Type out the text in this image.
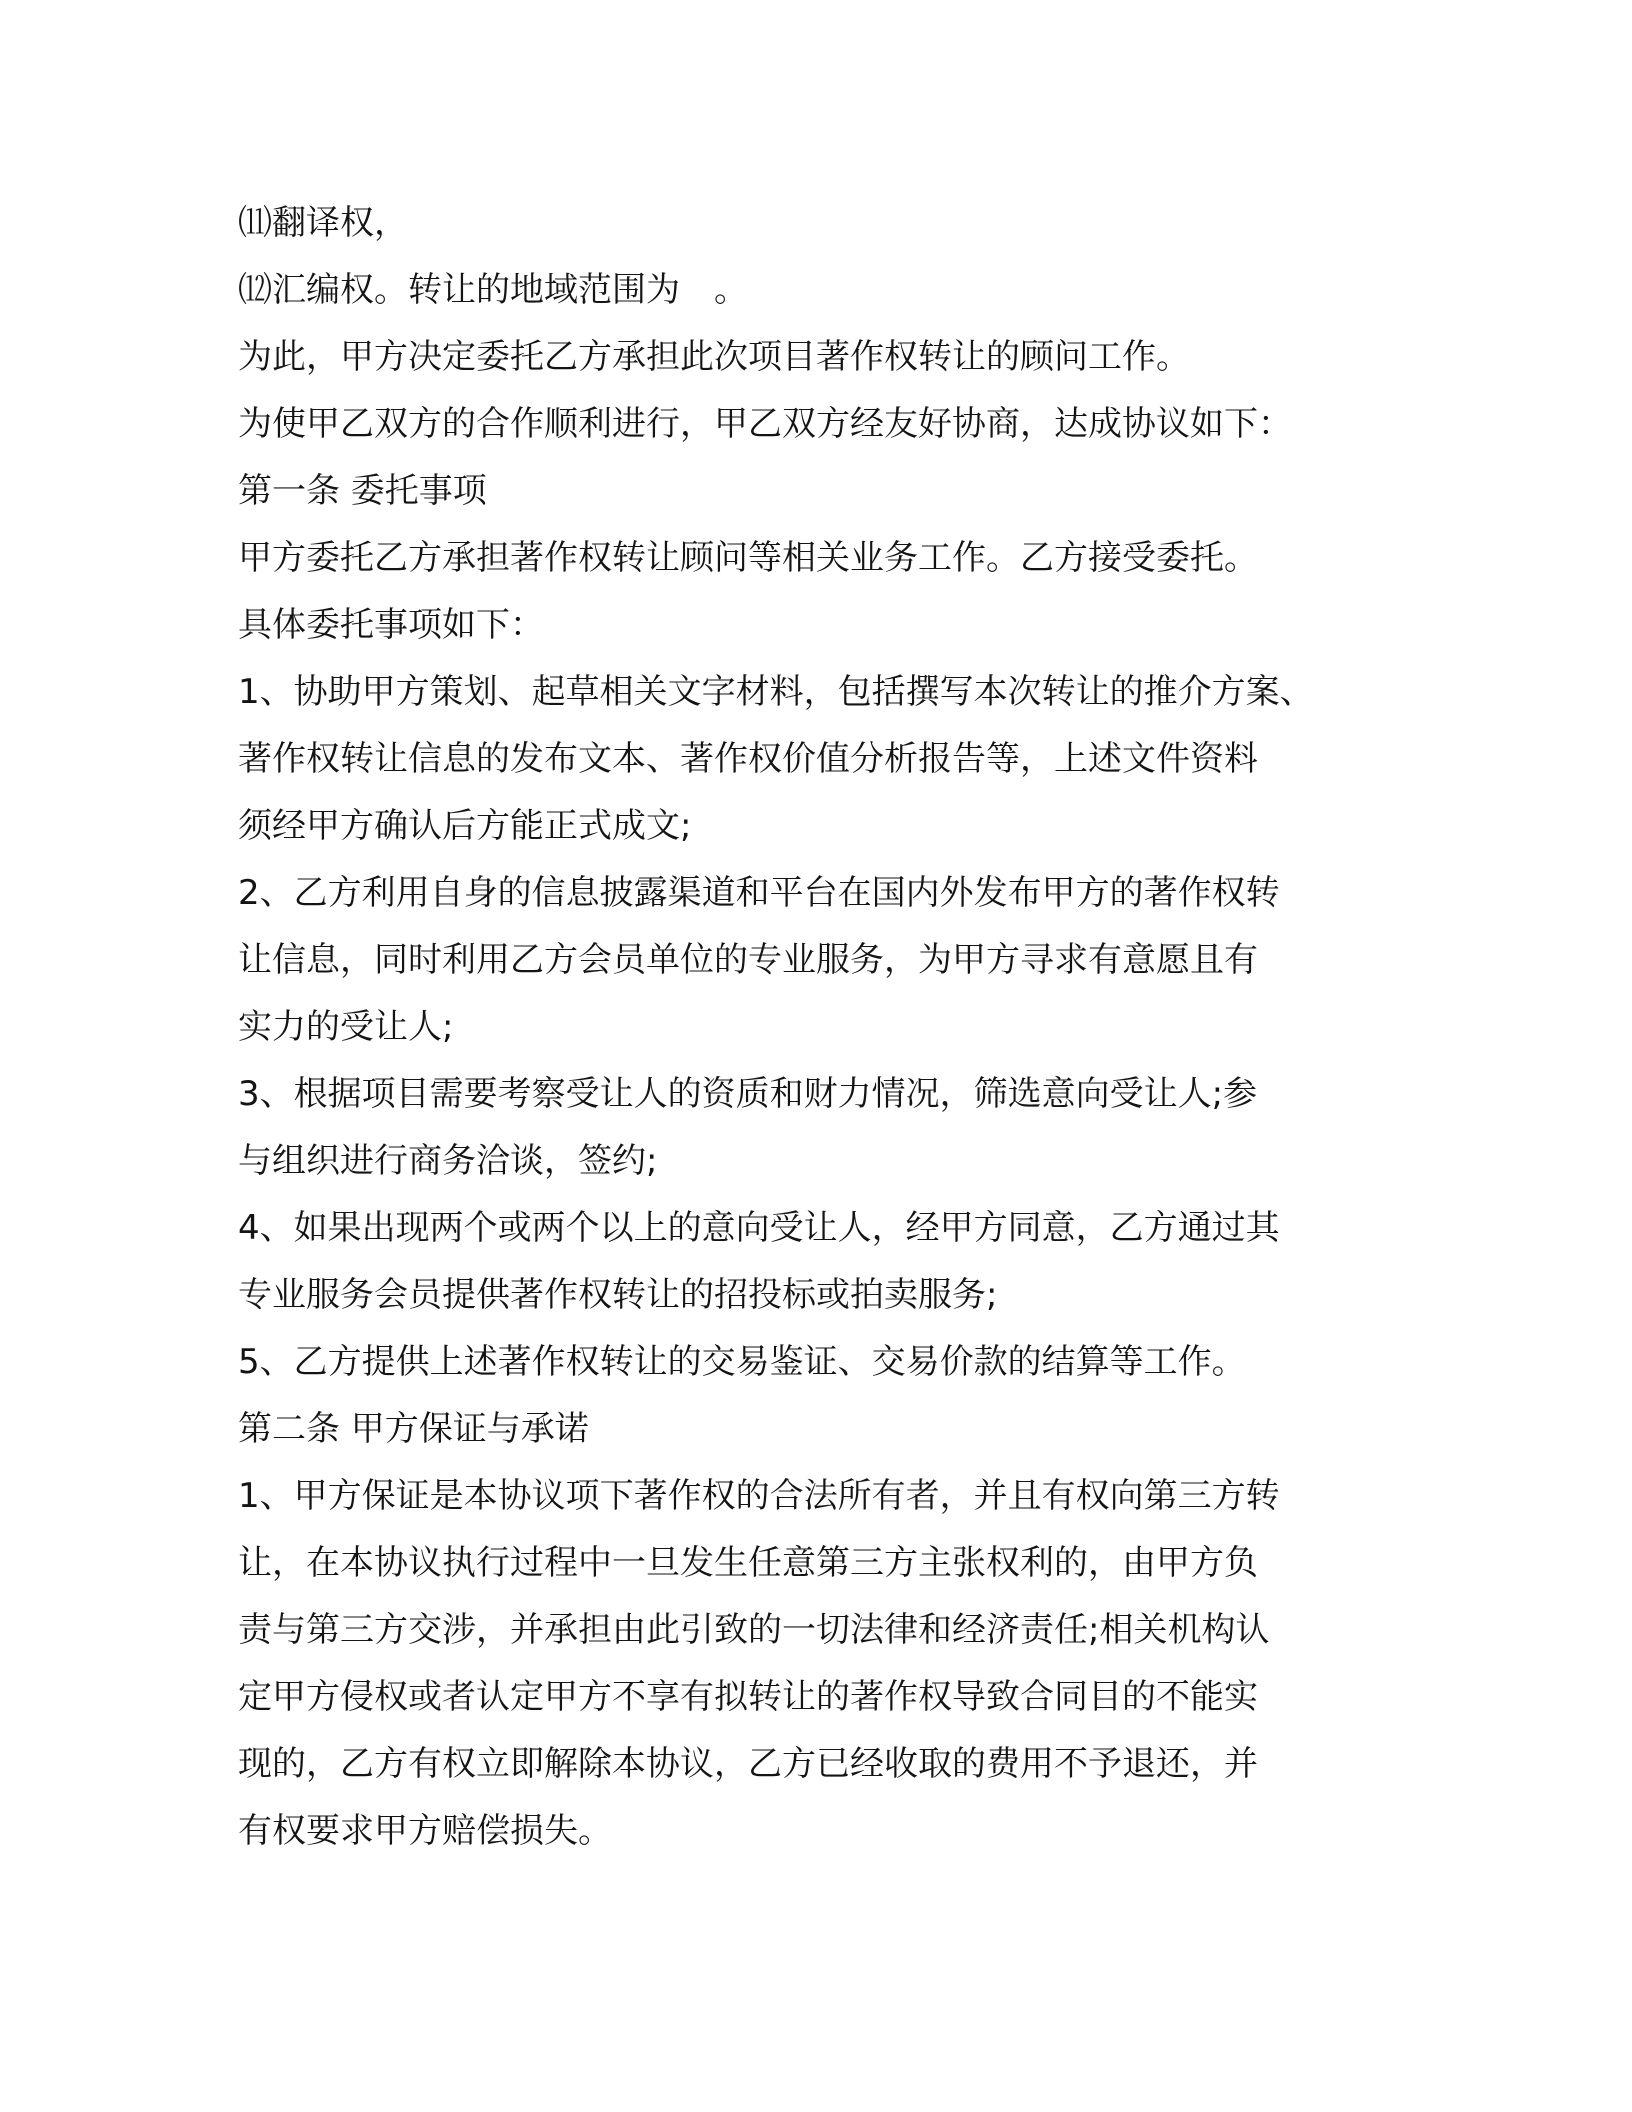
⑾翻译权，

⑿汇编权。转让的地域范围为　。

为此，甲方决定委托乙方承担此次项目著作权转让的顾问工作。

为使甲乙双方的合作顺利进行，甲乙双方经友好协商，达成协议如下：

第一条 委托事项

甲方委托乙方承担著作权转让顾问等相关业务工作。乙方接受委托。

具体委托事项如下：

1、协助甲方策划、起草相关文字材料，包括撰写本次转让的推介方案、

著作权转让信息的发布文本、著作权价值分析报告等，上述文件资料

须经甲方确认后方能正式成文;

2、乙方利用自身的信息披露渠道和平台在国内外发布甲方的著作权转

让信息，同时利用乙方会员单位的专业服务，为甲方寻求有意愿且有

实力的受让人;

3、根据项目需要考察受让人的资质和财力情况，筛选意向受让人;参

与组织进行商务洽谈，签约;

4、如果出现两个或两个以上的意向受让人，经甲方同意，乙方通过其

专业服务会员提供著作权转让的招投标或拍卖服务;

5、乙方提供上述著作权转让的交易鉴证、交易价款的结算等工作。

第二条 甲方保证与承诺

1、甲方保证是本协议项下著作权的合法所有者，并且有权向第三方转

让，在本协议执行过程中一旦发生任意第三方主张权利的，由甲方负

责与第三方交涉，并承担由此引致的一切法律和经济责任;相关机构认

定甲方侵权或者认定甲方不享有拟转让的著作权导致合同目的不能实

现的，乙方有权立即解除本协议，乙方已经收取的费用不予退还，并

有权要求甲方赔偿损失。
